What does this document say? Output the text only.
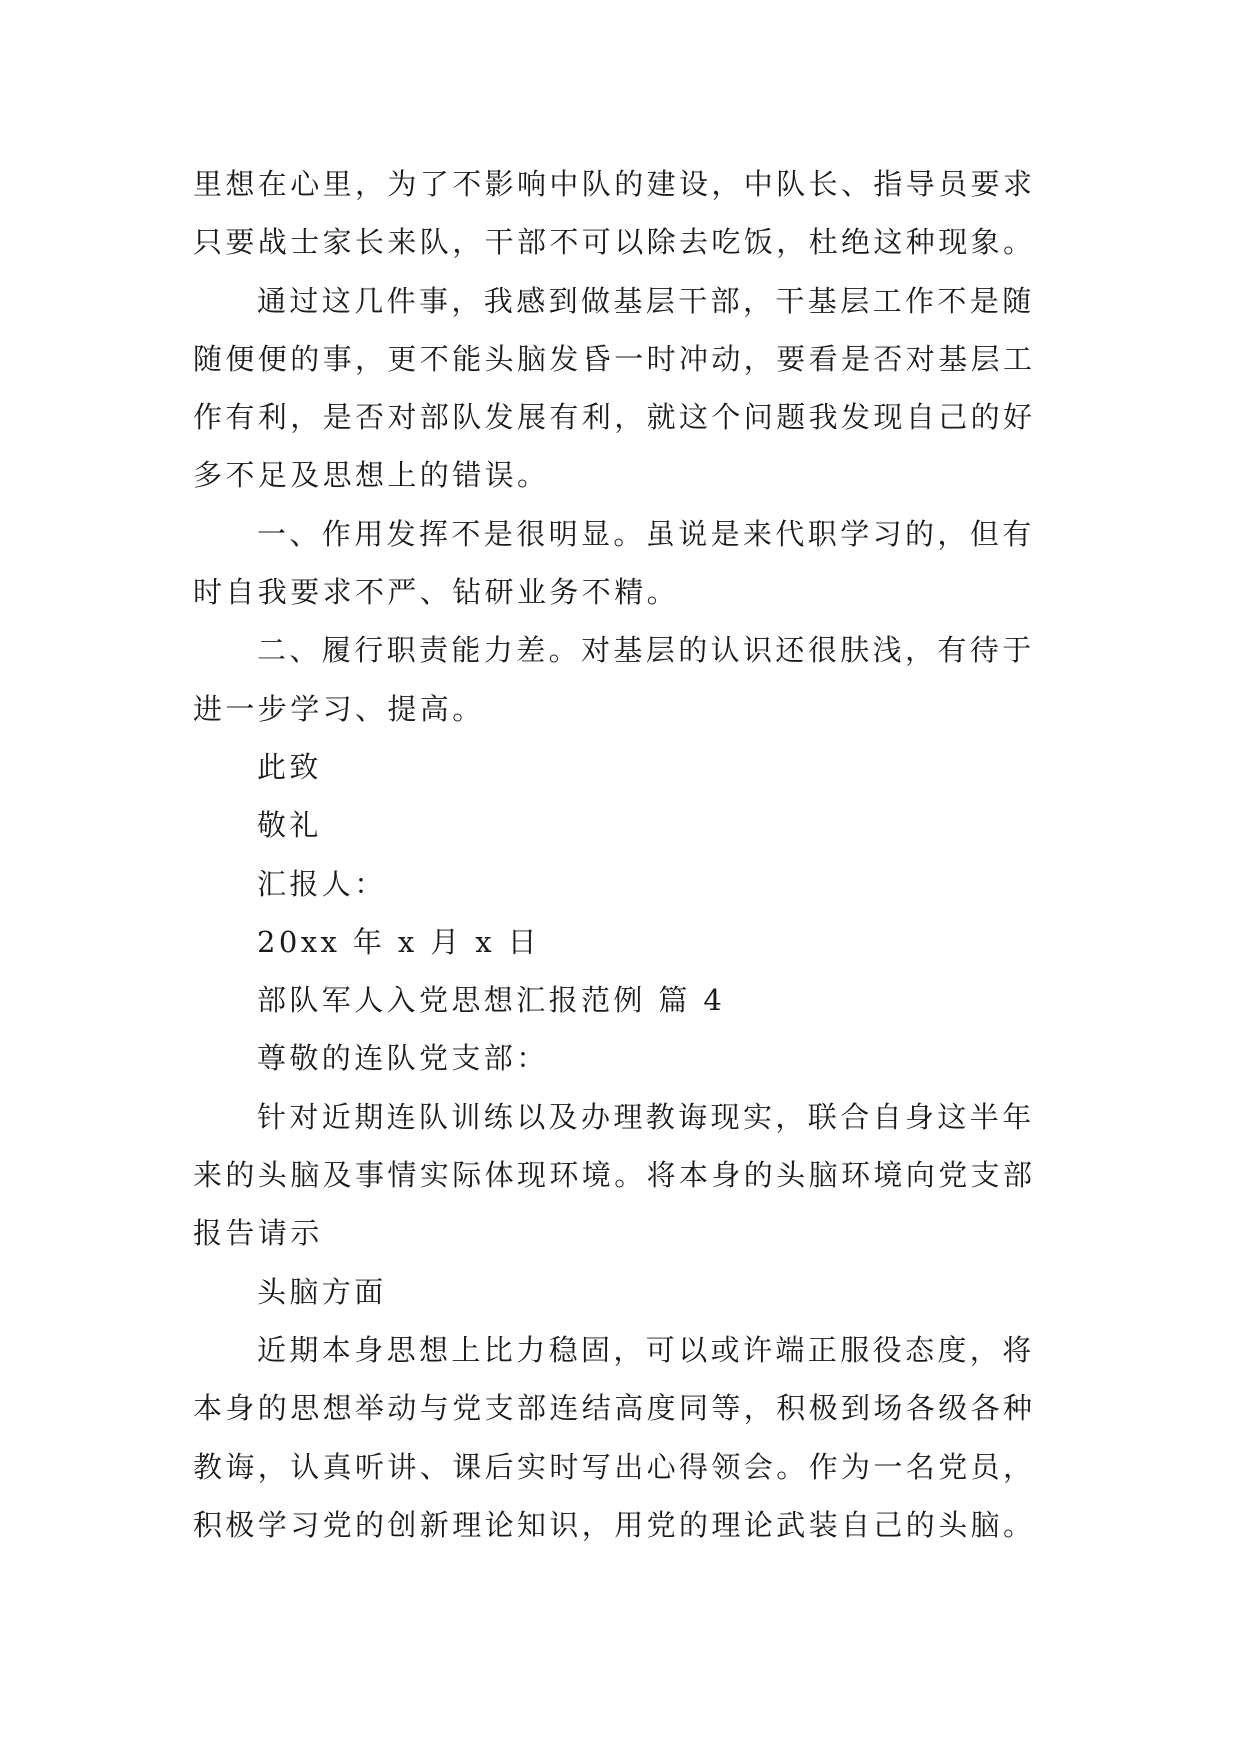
里想在心里，为了不影响中队的建设，中队长、指导员要求
只要战士家长来队，干部不可以除去吃饭，杜绝这种现象。
通过这几件事，我感到做基层干部，干基层工作不是随
随便便的事，更不能头脑发昏一时冲动，要看是否对基层工
作有利，是否对部队发展有利，就这个问题我发现自己的好
多不足及思想上的错误。
一、作用发挥不是很明显。虽说是来代职学习的，但有
时自我要求不严、钻研业务不精。
二、履行职责能力差。对基层的认识还很肤浅，有待于
进一步学习、提高。
此致
敬礼
汇报人：
20xx 年 x 月 x 日
部队军人入党思想汇报范例 篇 4
尊敬的连队党支部：
针对近期连队训练以及办理教诲现实，联合自身这半年
来的头脑及事情实际体现环境。将本身的头脑环境向党支部
报告请示
头脑方面
近期本身思想上比力稳固，可以或许端正服役态度，将
本身的思想举动与党支部连结高度同等，积极到场各级各种
教诲，认真听讲、课后实时写出心得领会。作为一名党员，
积极学习党的创新理论知识，用党的理论武装自己的头脑。
